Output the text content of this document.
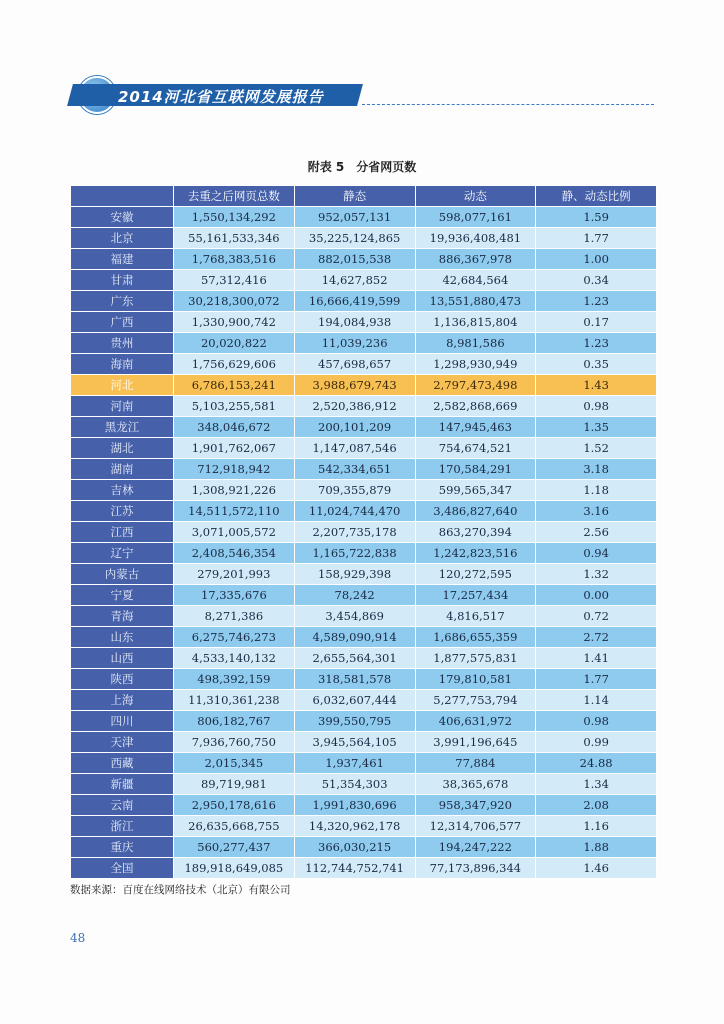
2014河北省互联网发展报告
附表 5　分省网页数
	去重之后网页总数	静态	动态	静、动态比例
安徽	1,550,134,292	952,057,131	598,077,161	1.59
北京	55,161,533,346	35,225,124,865	19,936,408,481	1.77
福建	1,768,383,516	882,015,538	886,367,978	1.00
甘肃	57,312,416	14,627,852	42,684,564	0.34
广东	30,218,300,072	16,666,419,599	13,551,880,473	1.23
广西	1,330,900,742	194,084,938	1,136,815,804	0.17
贵州	20,020,822	11,039,236	8,981,586	1.23
海南	1,756,629,606	457,698,657	1,298,930,949	0.35
河北	6,786,153,241	3,988,679,743	2,797,473,498	1.43
河南	5,103,255,581	2,520,386,912	2,582,868,669	0.98
黑龙江	348,046,672	200,101,209	147,945,463	1.35
湖北	1,901,762,067	1,147,087,546	754,674,521	1.52
湖南	712,918,942	542,334,651	170,584,291	3.18
吉林	1,308,921,226	709,355,879	599,565,347	1.18
江苏	14,511,572,110	11,024,744,470	3,486,827,640	3.16
江西	3,071,005,572	2,207,735,178	863,270,394	2.56
辽宁	2,408,546,354	1,165,722,838	1,242,823,516	0.94
内蒙古	279,201,993	158,929,398	120,272,595	1.32
宁夏	17,335,676	78,242	17,257,434	0.00
青海	8,271,386	3,454,869	4,816,517	0.72
山东	6,275,746,273	4,589,090,914	1,686,655,359	2.72
山西	4,533,140,132	2,655,564,301	1,877,575,831	1.41
陕西	498,392,159	318,581,578	179,810,581	1.77
上海	11,310,361,238	6,032,607,444	5,277,753,794	1.14
四川	806,182,767	399,550,795	406,631,972	0.98
天津	7,936,760,750	3,945,564,105	3,991,196,645	0.99
西藏	2,015,345	1,937,461	77,884	24.88
新疆	89,719,981	51,354,303	38,365,678	1.34
云南	2,950,178,616	1,991,830,696	958,347,920	2.08
浙江	26,635,668,755	14,320,962,178	12,314,706,577	1.16
重庆	560,277,437	366,030,215	194,247,222	1.88
全国	189,918,649,085	112,744,752,741	77,173,896,344	1.46
数据来源：百度在线网络技术（北京）有限公司
48
